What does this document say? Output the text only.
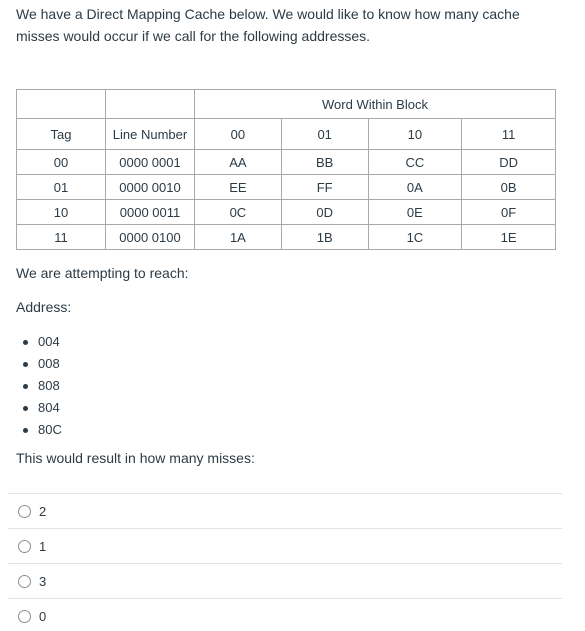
We have a Direct Mapping Cache below. We would like to know how many cache misses would occur if we call for the following addresses.

		Word Within Block			
Tag	Line Number	00	01	10	11
00	0000 0001	AA	BB	CC	DD
01	0000 0010	EE	FF	0A	0B
10	0000 0011	0C	0D	0E	0F
11	0000 0100	1A	1B	1C	1E

We are attempting to reach:

Address:

004
008
808
804
80C

This would result in how many misses:

2
1
3
0
